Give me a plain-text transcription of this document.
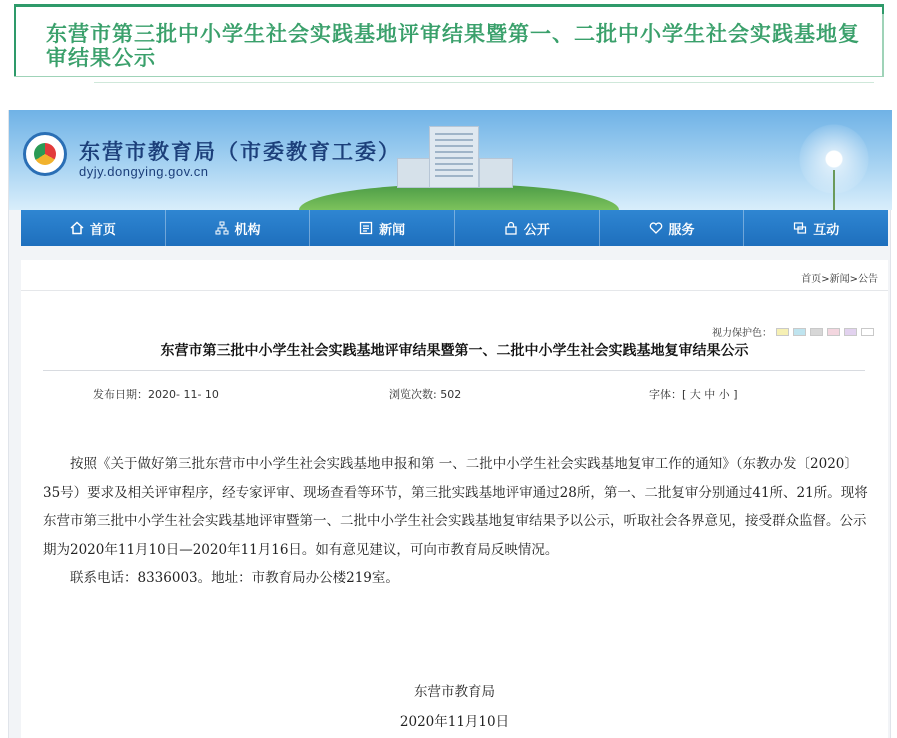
东营市第三批中小学生社会实践基地评审结果暨第一、二批中小学生社会实践基地复审结果公示
东营市教育局（市委教育工委）
dyjy.dongying.gov.cn
首页	机构	新闻	公开	服务	互动
首页>新闻>公告
视力保护色：
东营市第三批中小学生社会实践基地评审结果暨第一、二批中小学生社会实践基地复审结果公示
发布日期：2020- 11- 10	浏览次数: 502	字体：[ 大 中 小 ]

按照《关于做好第三批东营市中小学生社会实践基地申报和第 一、二批中小学生社会实践基地复审工作的通知》（东教办发〔2020〕35号）要求及相关评审程序，经专家评审、现场查看等环节，第三批实践基地评审通过28所，第一、二批复审分别通过41所、21所。现将东营市第三批中小学生社会实践基地评审暨第一、二批中小学生社会实践基地复审结果予以公示，听取社会各界意见，接受群众监督。公示期为2020年11月10日—2020年11月16日。如有意见建议，可向市教育局反映情况。

联系电话：8336003。地址：市教育局办公楼219室。

东营市教育局
2020年11月10日
